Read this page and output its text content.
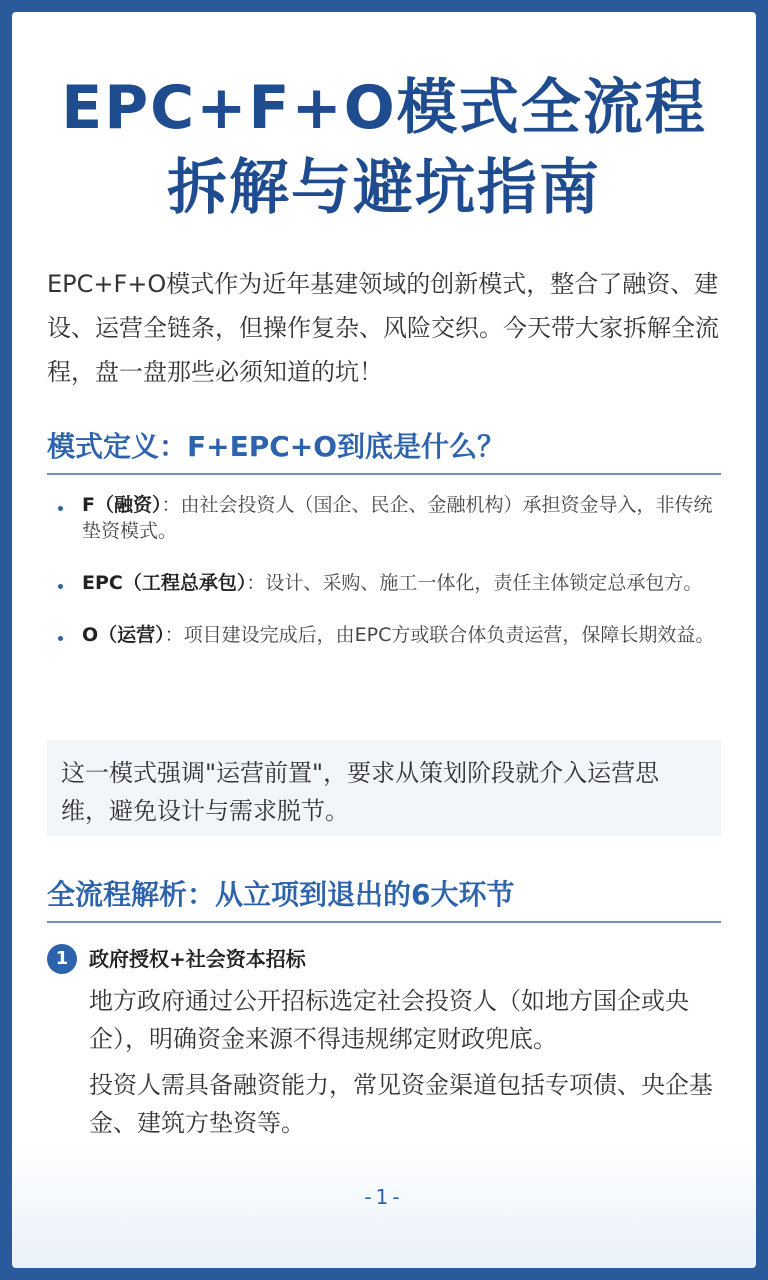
EPC+F+O模式全流程
拆解与避坑指南
EPC+F+O模式作为近年基建领域的创新模式，整合了融资、建设、运营全链条，但操作复杂、风险交织。今天带大家拆解全流程，盘一盘那些必须知道的坑！
模式定义：F+EPC+O到底是什么？
F（融资）：由社会投资人（国企、民企、金融机构）承担资金导入，非传统垫资模式。
EPC（工程总承包）：设计、采购、施工一体化，责任主体锁定总承包方。
O（运营）：项目建设完成后，由EPC方或联合体负责运营，保障长期效益。
这一模式强调"运营前置"，要求从策划阶段就介入运营思维，避免设计与需求脱节。
全流程解析：从立项到退出的6大环节
1	政府授权+社会资本招标
地方政府通过公开招标选定社会投资人（如地方国企或央企），明确资金来源不得违规绑定财政兜底。
投资人需具备融资能力，常见资金渠道包括专项债、央企基金、建筑方垫资等。
-1-
